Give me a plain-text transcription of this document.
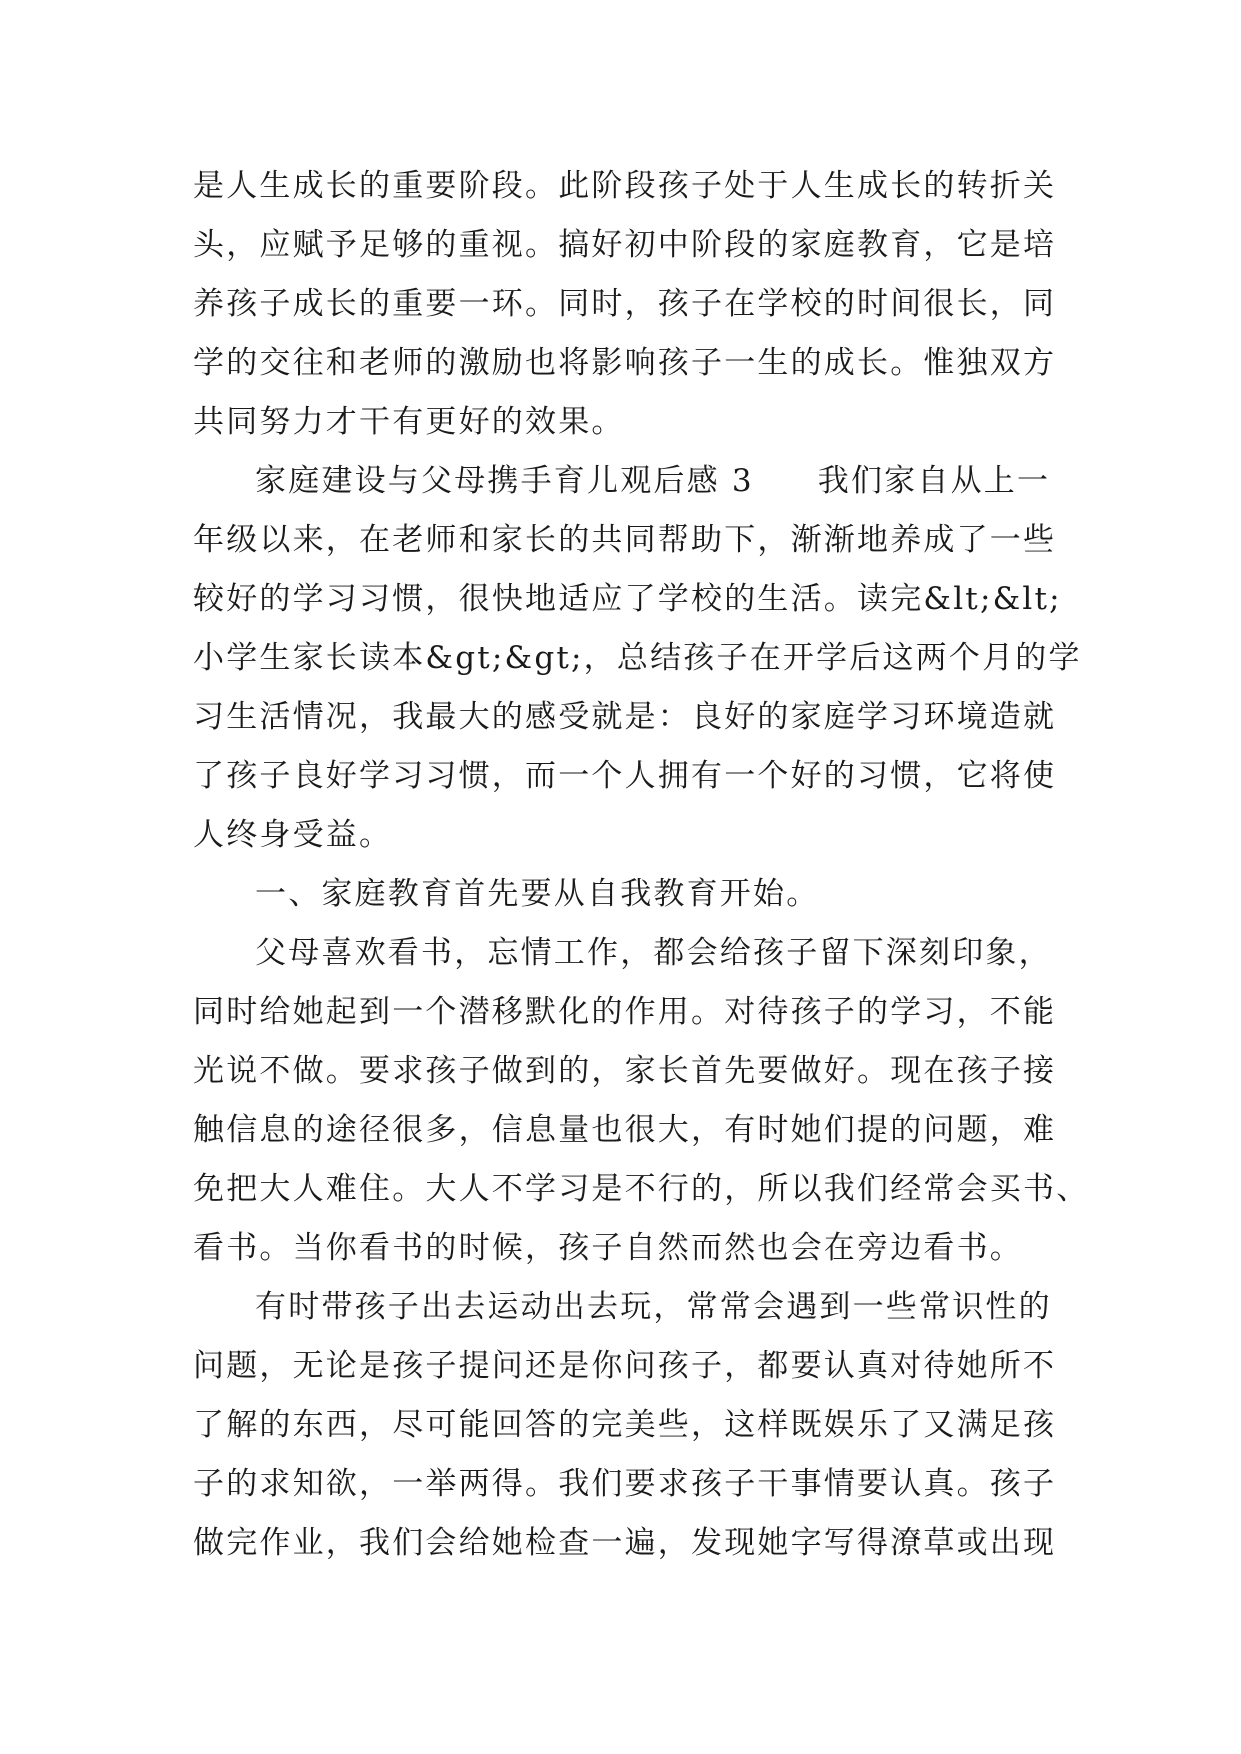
是人生成长的重要阶段。此阶段孩子处于人生成长的转折关
头，应赋予足够的重视。搞好初中阶段的家庭教育，它是培
养孩子成长的重要一环。同时，孩子在学校的时间很长，同
学的交往和老师的激励也将影响孩子一生的成长。惟独双方
共同努力才干有更好的效果。
家庭建设与父母携手育儿观后感 3 我们家自从上一
年级以来，在老师和家长的共同帮助下，渐渐地养成了一些
较好的学习习惯，很快地适应了学校的生活。读完&lt;&lt;
小学生家长读本&gt;&gt;，总结孩子在开学后这两个月的学
习生活情况，我最大的感受就是：良好的家庭学习环境造就
了孩子良好学习习惯，而一个人拥有一个好的习惯，它将使
人终身受益。
一、家庭教育首先要从自我教育开始。
父母喜欢看书，忘情工作，都会给孩子留下深刻印象，
同时给她起到一个潜移默化的作用。对待孩子的学习，不能
光说不做。要求孩子做到的，家长首先要做好。现在孩子接
触信息的途径很多，信息量也很大，有时她们提的问题，难
免把大人难住。大人不学习是不行的，所以我们经常会买书、
看书。当你看书的时候，孩子自然而然也会在旁边看书。
有时带孩子出去运动出去玩，常常会遇到一些常识性的
问题，无论是孩子提问还是你问孩子，都要认真对待她所不
了解的东西，尽可能回答的完美些，这样既娱乐了又满足孩
子的求知欲，一举两得。我们要求孩子干事情要认真。孩子
做完作业，我们会给她检查一遍，发现她字写得潦草或出现
